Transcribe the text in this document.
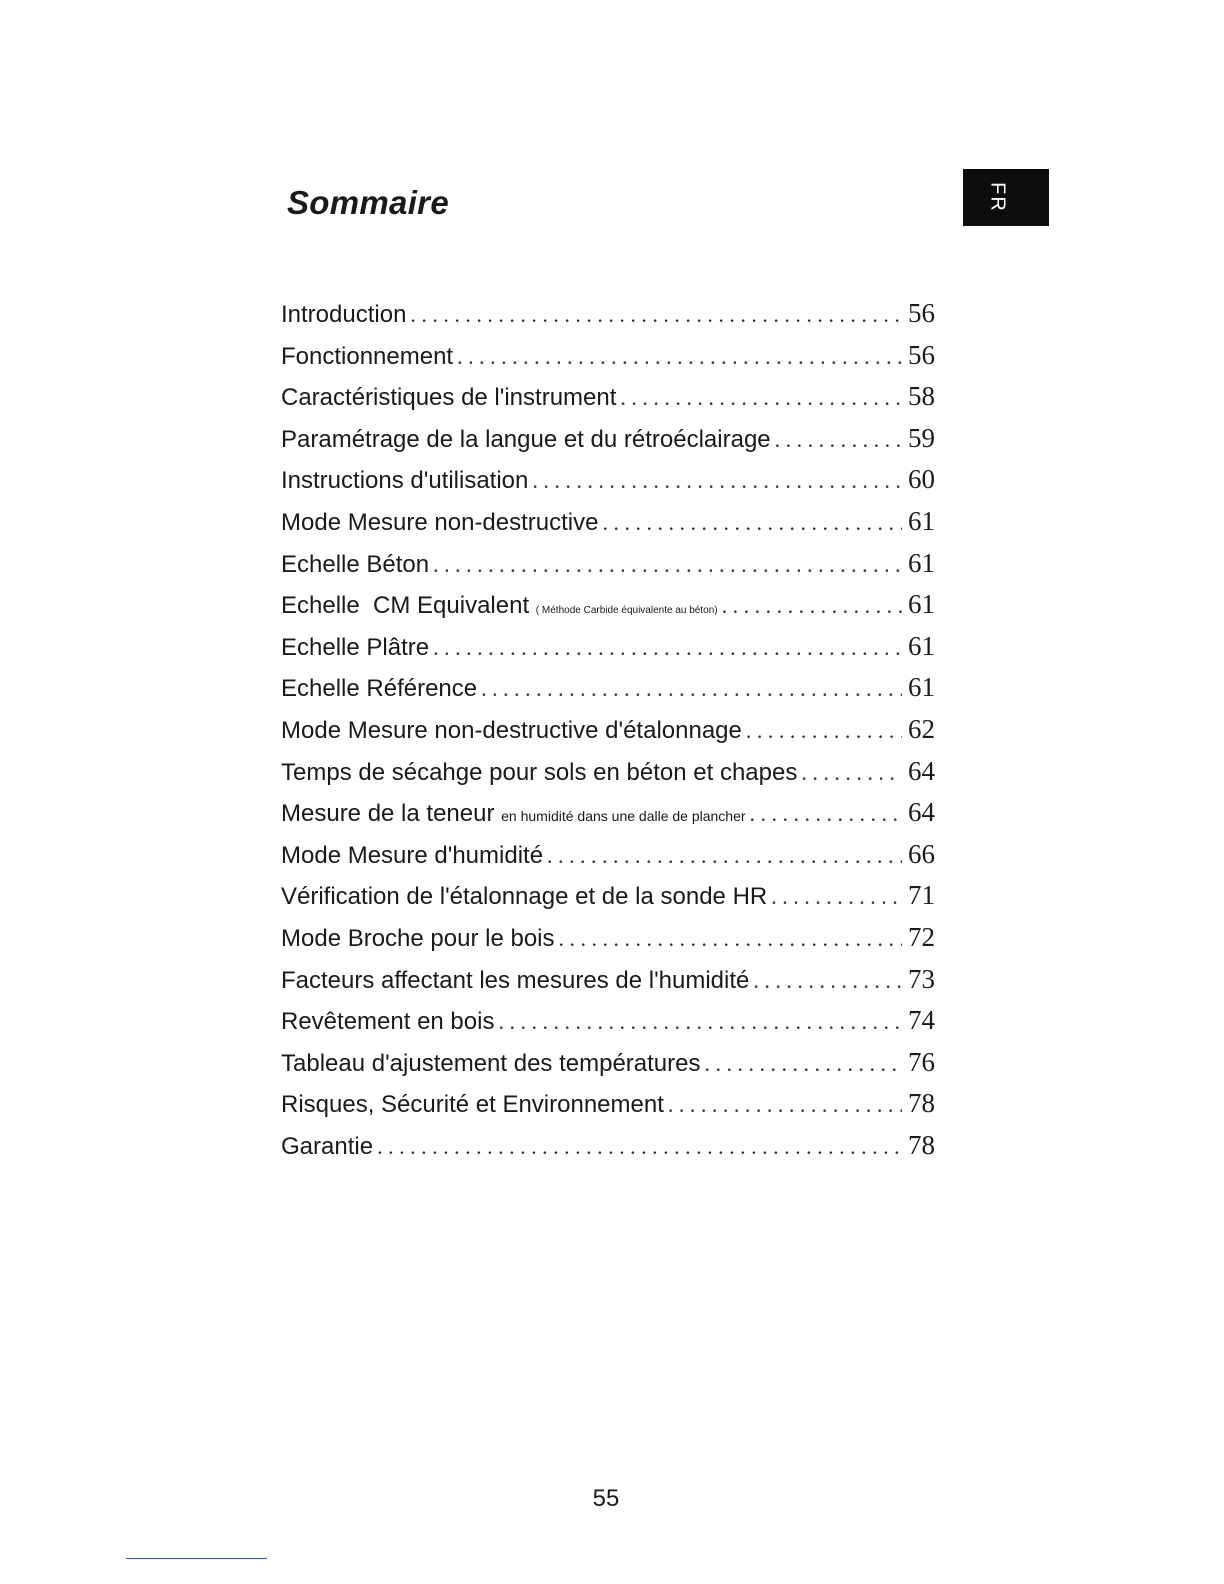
Sommaire	FR
Introduction . . .	56
Fonctionnement . . .	56
Caractéristiques de l'instrument . . .	58
Paramétrage de la langue et du rétroéclairage . . .	59
Instructions d'utilisation . . .	60
Mode Mesure non-destructive . . .	61
Echelle Béton . . .	61
Echelle  CM Equivalent ( Méthode Carbide équivalente au béton) . . .	61
Echelle Plâtre . . .	61
Echelle Référence . . .	61
Mode Mesure non-destructive d'étalonnage . . .	62
Temps de sécahge pour sols en béton et chapes . . .	64
Mesure de la teneur en humidité dans une dalle de plancher . . .	64
Mode Mesure d'humidité . . .	66
Vérification de l'étalonnage et de la sonde HR . . .	71
Mode Broche pour le bois . . .	72
Facteurs affectant les mesures de l'humidité . . .	73
Revêtement en bois . . .	74
Tableau d'ajustement des températures . . .	76
Risques, Sécurité et Environnement . . .	78
Garantie . . .	78
55
